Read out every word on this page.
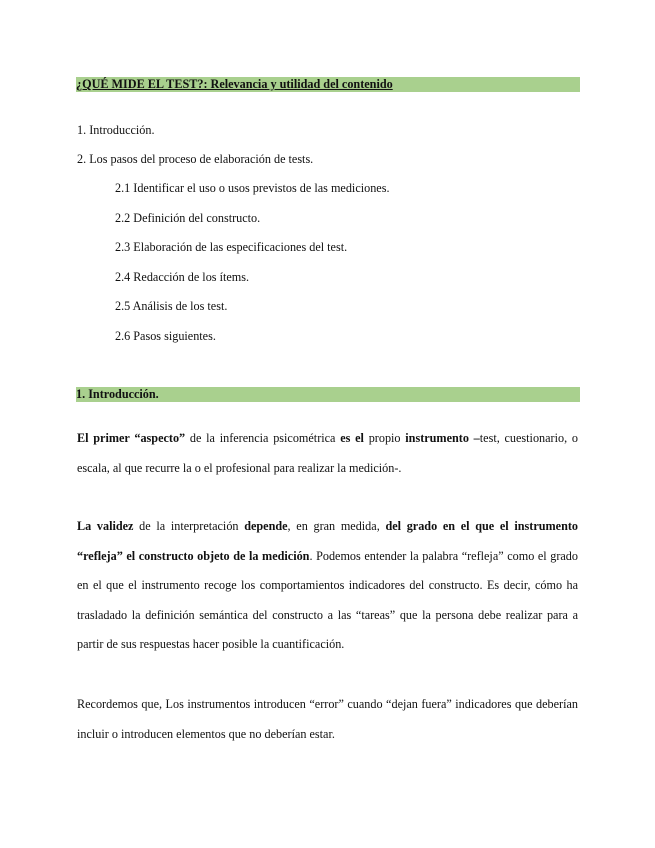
¿QUÉ MIDE EL TEST?: Relevancia y utilidad del contenido
1. Introducción.
2. Los pasos del proceso de elaboración de tests.
2.1 Identificar el uso o usos previstos de las mediciones.
2.2 Definición del constructo.
2.3 Elaboración de las especificaciones del test.
2.4 Redacción de los ítems.
2.5 Análisis de los test.
2.6 Pasos siguientes.
1. Introducción.

El primer “aspecto” de la inferencia psicométrica es el propio instrumento –test, cuestionario, o escala, al que recurre la o el profesional para realizar la medición-.

La validez de la interpretación depende, en gran medida, del grado en el que el instrumento “refleja” el constructo objeto de la medición. Podemos entender la palabra “refleja” como el grado en el que el instrumento recoge los comportamientos indicadores del constructo. Es decir, cómo ha trasladado la definición semántica del constructo a las “tareas” que la persona debe realizar para a partir de sus respuestas hacer posible la cuantificación.

Recordemos que, Los instrumentos introducen “error” cuando “dejan fuera” indicadores que deberían incluir o introducen elementos que no deberían estar.
